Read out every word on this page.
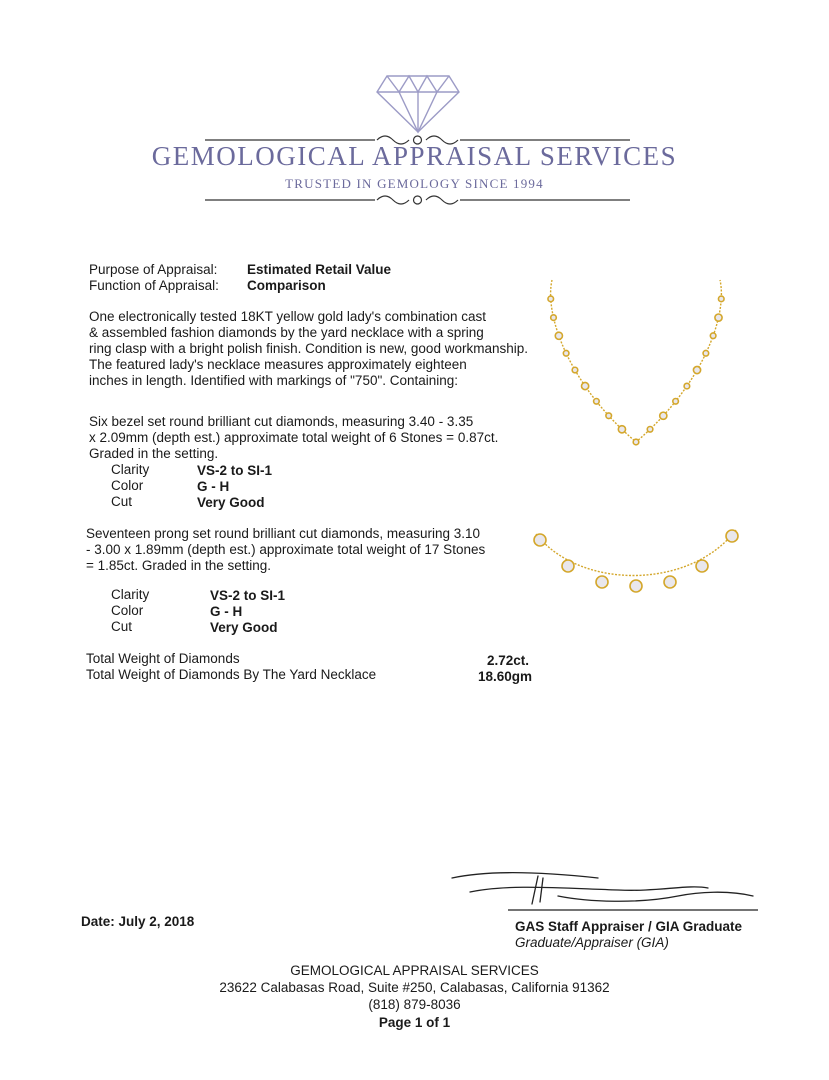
GEMOLOGICAL APPRAISAL SERVICES
TRUSTED IN GEMOLOGY SINCE 1994
Purpose of Appraisal: Estimated Retail Value
Function of Appraisal: Comparison
One electronically tested 18KT yellow gold lady's combination cast
& assembled fashion diamonds by the yard necklace with a spring
ring clasp with a bright polish finish. Condition is new, good workmanship.
The featured lady's necklace measures approximately eighteen
inches in length. Identified with markings of "750". Containing:
Six bezel set round brilliant cut diamonds, measuring 3.40 - 3.35
x 2.09mm (depth est.) approximate total weight of 6 Stones = 0.87ct.
Graded in the setting.
Clarity	VS-2 to SI-1
Color	G - H
Cut	Very Good
Seventeen prong set round brilliant cut diamonds, measuring 3.10
- 3.00 x 1.89mm (depth est.) approximate total weight of 17 Stones
= 1.85ct. Graded in the setting.
Clarity	VS-2 to SI-1
Color	G - H
Cut	Very Good
Total Weight of Diamonds	2.72ct.
Total Weight of Diamonds By The Yard Necklace	18.60gm
Date: July 2, 2018	GAS Staff Appraiser / GIA Graduate
Graduate/Appraiser (GIA)
GEMOLOGICAL APPRAISAL SERVICES
23622 Calabasas Road, Suite #250, Calabasas, California 91362
(818) 879-8036
Page 1 of 1
